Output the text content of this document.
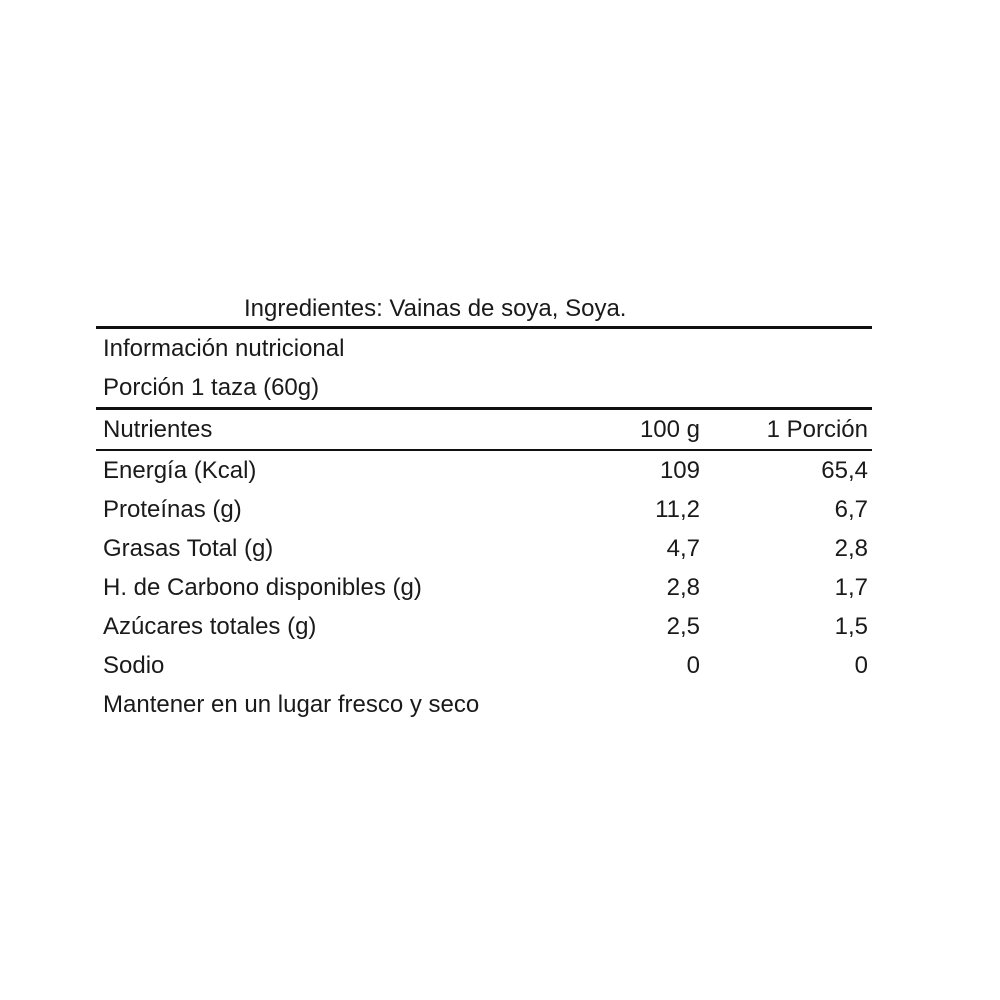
Ingredientes: Vainas de soya, Soya.
Información nutricional
Porción 1 taza (60g)
Nutrientes	100 g	1 Porción
Energía (Kcal)	109	65,4
Proteínas (g)	11,2	6,7
Grasas Total (g)	4,7	2,8
H. de Carbono disponibles (g)	2,8	1,7
Azúcares totales (g)	2,5	1,5
Sodio	0	0
Mantener en un lugar fresco y seco
